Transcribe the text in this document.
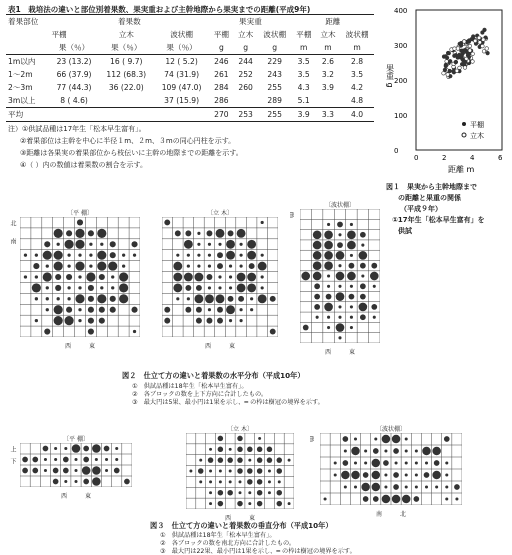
表1　栽培法の違いと部位別着果数、果実重および主幹地際から果実までの距離(平成9年)
着果部位	着果数			果実重			距離		
	平棚	立木	波状棚	平棚	立木	波状棚	平棚	立木	波状棚
	果（％）	果（％）	果（％）	g	g	g	m	m	m
1m以内	23 (13.2)	16 ( 9.7)	12 ( 5.2)	246	244	229	3.5	2.6	2.8
1～2m	66 (37.9)	112 (68.3)	74 (31.9)	261	252	243	3.5	3.2	3.5
2～3m	77 (44.3)	36 (22.0)	109 (47.0)	284	260	255	4.3	3.9	4.2
3m以上	8 ( 4.6)		37 (15.9)	286		289	5.1		4.8
平均				270	253	255	3.9	3.3	4.0
注）①供試品種は17年生「松本早生富有」。
②着果部位は主幹を中心に半径１m、２m、３mの同心円柱を示す。
③距離は各果実の着果部位から枝伝いに主幹の地際までの距離を示す。
④（ ）内の数値は着果数の割合を示す。
400
300
200
100
0
0	2	4	6
果重 g
平棚
立木
距離 m
図１　果実から主幹地際まで
の距離と果重の関係
（平成９年）
①17年生「松本早生富有」を
供試
〔平 棚〕
西　　　東
北　　南
〔立 木〕
西　　　東
〔波状棚〕
西　　　東
m
図２　仕立て方の違いと着果数の水平分布（平成10年）
①　供試品種は18年生「松本早生富有」。
②　各ブロックの数を上下方向に合計したもの。
③　最大円は5果、最小円は1果を示し、━ の枠は樹冠の境界を示す。
〔平 棚〕
西　　　東
上　下
〔立 木〕
西　　　東
〔波状棚〕
南　　　北
m
図３　仕立て方の違いと着果数の垂直分布（平成10年）
①　供試品種は18年生「松本早生富有」。
②　各ブロックの数を南北方向に合計したもの。
③　最大円は22果、最小円は1果を示し、━ の枠は樹冠の境界を示す。
